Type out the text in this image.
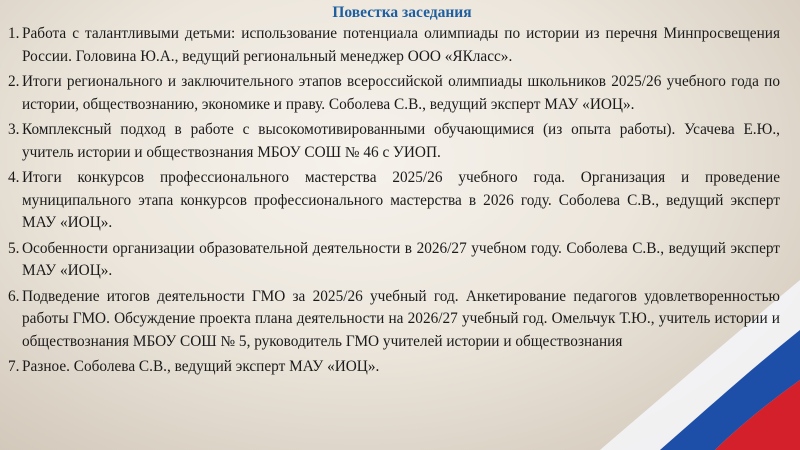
Повестка заседания
1. Работа с талантливыми детьми: использование потенциала олимпиады по истории из перечня Минпросвещения России. Головина Ю.А., ведущий региональный менеджер ООО «ЯКласс».
2. Итоги регионального и заключительного этапов всероссийской олимпиады школьников 2025/26 учебного года по истории, обществознанию, экономике и праву. Соболева С.В., ведущий эксперт МАУ «ИОЦ».
3. Комплексный подход в работе с высокомотивированными обучающимися (из опыта работы). Усачева Е.Ю., учитель истории и обществознания МБОУ СОШ № 46 с УИОП.
4. Итоги конкурсов профессионального мастерства 2025/26 учебного года. Организация и проведение муниципального этапа конкурсов профессионального мастерства в 2026 году. Соболева С.В., ведущий эксперт МАУ «ИОЦ».
5. Особенности организации образовательной деятельности в 2026/27 учебном году. Соболева С.В., ведущий эксперт МАУ «ИОЦ».
6. Подведение итогов деятельности ГМО за 2025/26 учебный год. Анкетирование педагогов удовлетворенностью работы ГМО. Обсуждение проекта плана деятельности на 2026/27 учебный год. Омельчук Т.Ю., учитель истории и обществознания МБОУ СОШ № 5, руководитель ГМО учителей истории и обществознания
7. Разное. Соболева С.В., ведущий эксперт МАУ «ИОЦ».
